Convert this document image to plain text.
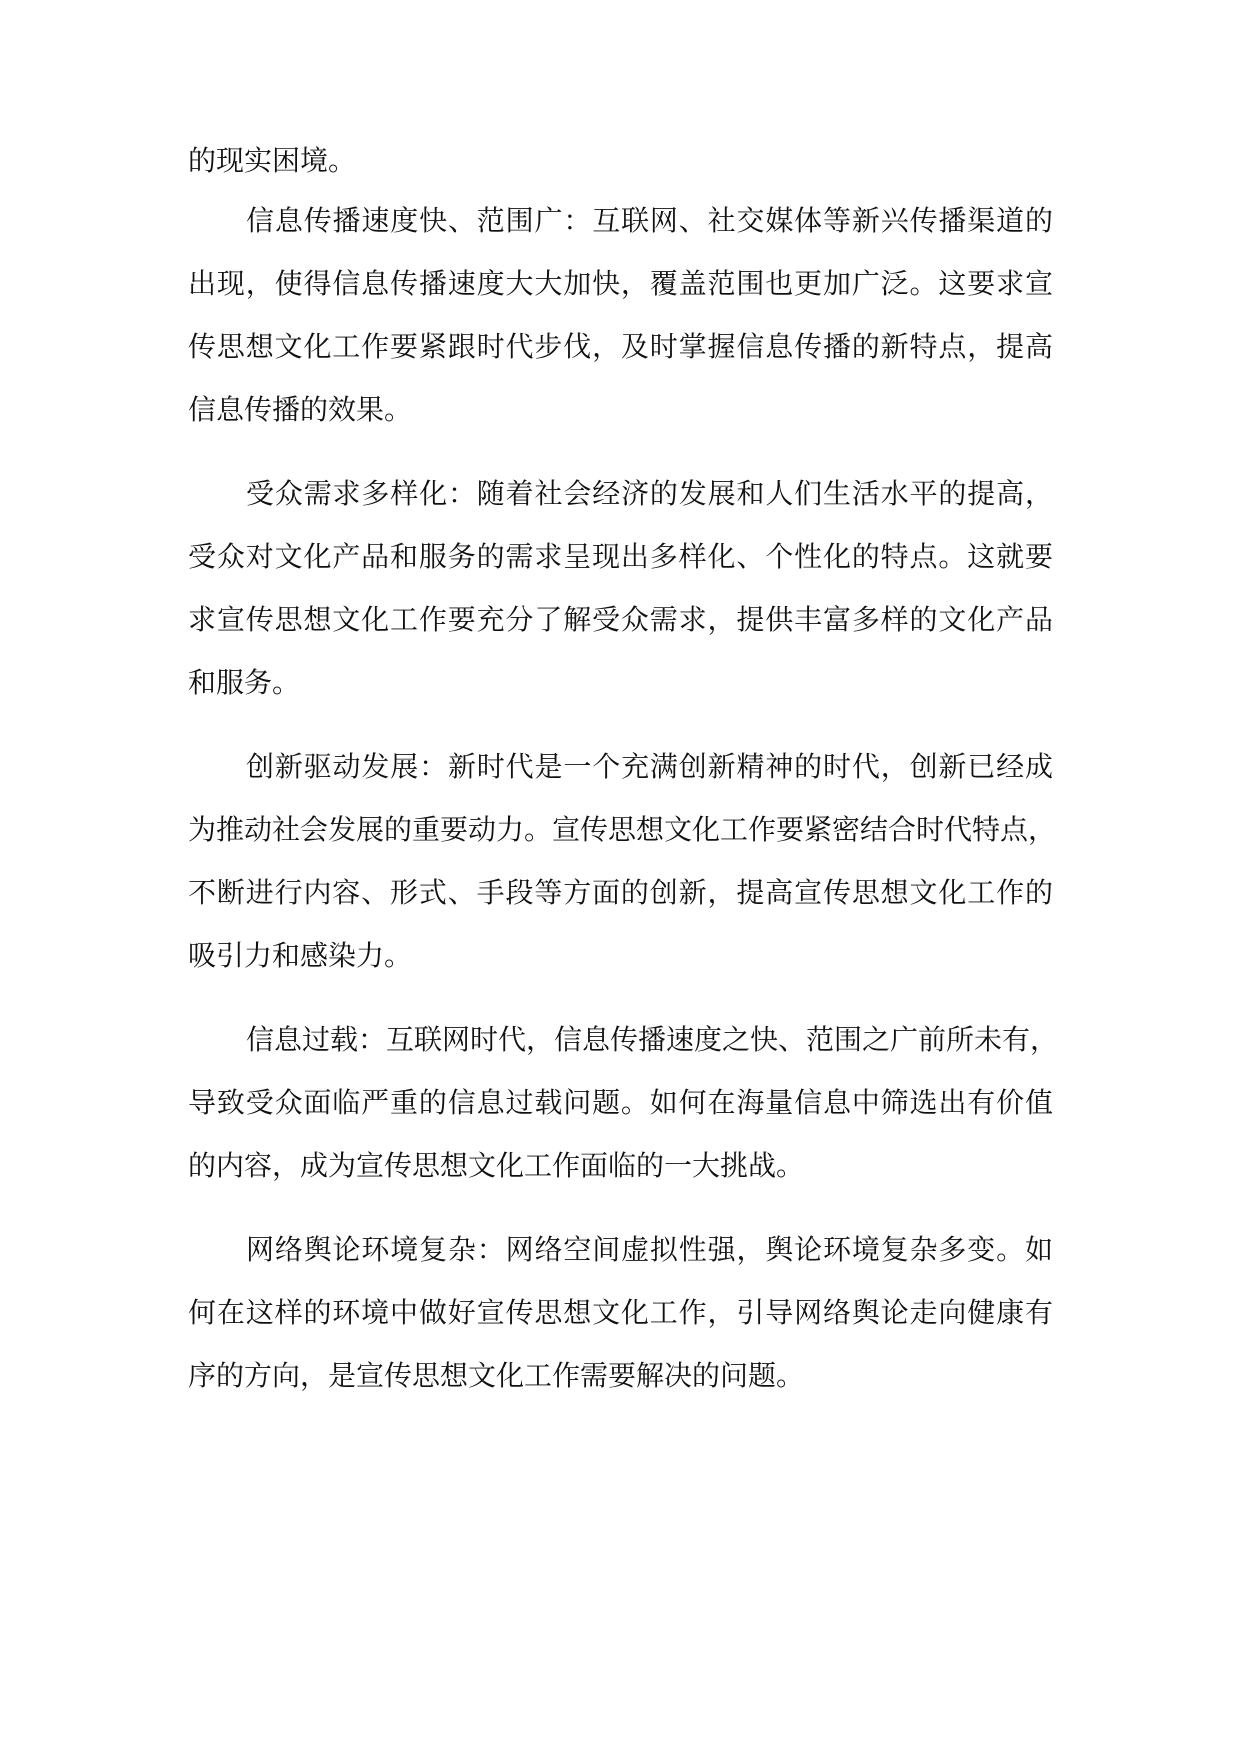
的现实困境。

信息传播速度快、范围广：互联网、社交媒体等新兴传播渠道的

出现，使得信息传播速度大大加快，覆盖范围也更加广泛。这要求宣

传思想文化工作要紧跟时代步伐，及时掌握信息传播的新特点，提高

信息传播的效果。

受众需求多样化：随着社会经济的发展和人们生活水平的提高，

受众对文化产品和服务的需求呈现出多样化、个性化的特点。这就要

求宣传思想文化工作要充分了解受众需求，提供丰富多样的文化产品

和服务。

创新驱动发展：新时代是一个充满创新精神的时代，创新已经成

为推动社会发展的重要动力。宣传思想文化工作要紧密结合时代特点，

不断进行内容、形式、手段等方面的创新，提高宣传思想文化工作的

吸引力和感染力。

信息过载：互联网时代，信息传播速度之快、范围之广前所未有，

导致受众面临严重的信息过载问题。如何在海量信息中筛选出有价值

的内容，成为宣传思想文化工作面临的一大挑战。

网络舆论环境复杂：网络空间虚拟性强，舆论环境复杂多变。如

何在这样的环境中做好宣传思想文化工作，引导网络舆论走向健康有

序的方向，是宣传思想文化工作需要解决的问题。
